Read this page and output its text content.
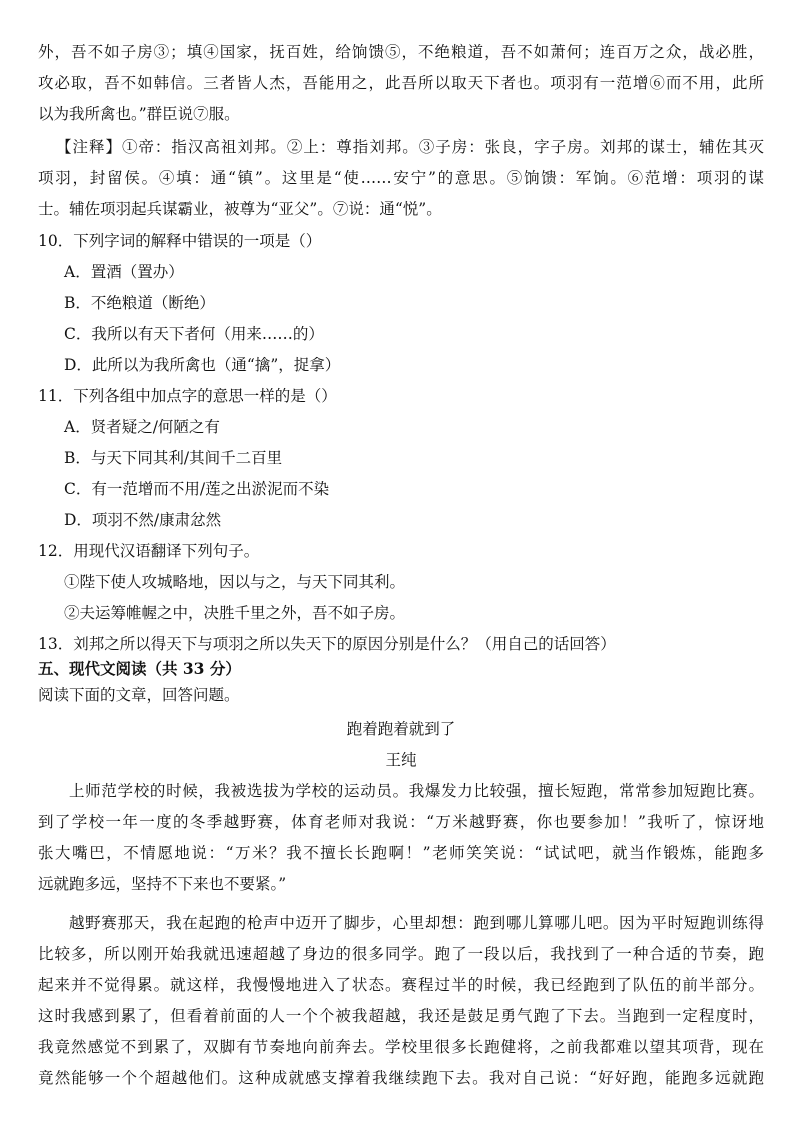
外，吾不如子房③；填④国家，抚百姓，给饷馈⑤，不绝粮道，吾不如萧何；连百万之众，战必胜，
攻必取，吾不如韩信。三者皆人杰，吾能用之，此吾所以取天下者也。项羽有一范增⑥而不用，此所
以为我所禽也。”群臣说⑦服。
【注释】①帝：指汉高祖刘邦。②上：尊指刘邦。③子房：张良，字子房。刘邦的谋士，辅佐其灭
项羽，封留侯。④填：通“镇”。这里是“使……安宁”的意思。⑤饷馈：军饷。⑥范增：项羽的谋
士。辅佐项羽起兵谋霸业，被尊为“亚父”。⑦说：通“悦”。
10．下列字词的解释中错误的一项是（）
A．置酒（置办）
B．不绝粮道（断绝）
C．我所以有天下者何（用来……的）
D．此所以为我所禽也（通“擒”，捉拿）
11．下列各组中加点字的意思一样的是（）
A．贤者疑之/何陋之有
B．与天下同其利/其间千二百里
C．有一范增而不用/莲之出淤泥而不染
D．项羽不然/康肃忿然
12．用现代汉语翻译下列句子。
①陛下使人攻城略地，因以与之，与天下同其利。
②夫运筹帷幄之中，决胜千里之外，吾不如子房。
13．刘邦之所以得天下与项羽之所以失天下的原因分别是什么？（用自己的话回答）
五、现代文阅读（共 33 分）
阅读下面的文章，回答问题。
跑着跑着就到了
王纯
上师范学校的时候，我被选拔为学校的运动员。我爆发力比较强，擅长短跑，常常参加短跑比赛。
到了学校一年一度的冬季越野赛，体育老师对我说：“万米越野赛，你也要参加！”我听了，惊讶地
张大嘴巴，不情愿地说：“万米？我不擅长长跑啊！”老师笑笑说：“试试吧，就当作锻炼，能跑多
远就跑多远，坚持不下来也不要紧。”
越野赛那天，我在起跑的枪声中迈开了脚步，心里却想：跑到哪儿算哪儿吧。因为平时短跑训练得
比较多，所以刚开始我就迅速超越了身边的很多同学。跑了一段以后，我找到了一种合适的节奏，跑
起来并不觉得累。就这样，我慢慢地进入了状态。赛程过半的时候，我已经跑到了队伍的前半部分。
这时我感到累了，但看着前面的人一个个被我超越，我还是鼓足勇气跑了下去。当跑到一定程度时，
我竟然感觉不到累了，双脚有节奏地向前奔去。学校里很多长跑健将，之前我都难以望其项背，现在
竟然能够一个个超越他们。这种成就感支撑着我继续跑下去。我对自己说：“好好跑，能跑多远就跑
